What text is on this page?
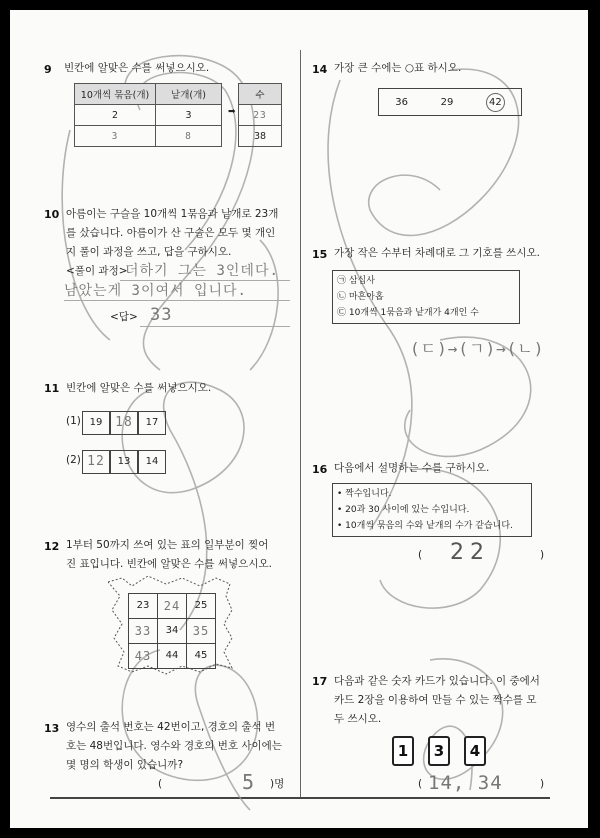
9 빈칸에 알맞은 수를 써넣으시오.
10개씩 묶음(개)	낱개(개)
2	3
3	8
➡
수
23
38
10 아름이는 구슬을 10개씩 1묶음과 낱개로 23개
를 샀습니다. 아름이가 산 구슬은 모두 몇 개인
지 풀이 과정을 쓰고, 답을 구하시오.
<풀이 과정>
더하기 그는 3인데다.
남았는게 3이여서 입니다.
<답> 33
11 빈칸에 알맞은 수를 써넣으시오.
(1) 19 18	17
(2) 12	13	14
12 1부터 50까지 쓰여 있는 표의 일부분이 찢어
진 표입니다. 빈칸에 알맞은 수를 써넣으시오.
23	24	25
33	34	35
43	44	45
13 영수의 출석 번호는 42번이고, 경호의 출석 번
호는 48번입니다. 영수와 경호의 번호 사이에는
몇 명의 학생이 있습니까?
(	5 )명
14 가장 큰 수에는 ○표 하시오.
36	29	42
15 가장 작은 수부터 차례대로 그 기호를 쓰시오.
㉠ 삼십사
㉡ 마흔아홉
㉢ 10개씩 1묶음과 낱개가 4개인 수
(ㄷ)→(ㄱ)→(ㄴ)
16 다음에서 설명하는 수를 구하시오.
• 짝수입니다.
• 20과 30 사이에 있는 수입니다.
• 10개씩 묶음의 수와 낱개의 수가 같습니다.
( 22	)
17 다음과 같은 숫자 카드가 있습니다. 이 중에서
카드 2장을 이용하여 만들 수 있는 짝수를 모
두 쓰시오.
1	3	4
( 14, 34	)
